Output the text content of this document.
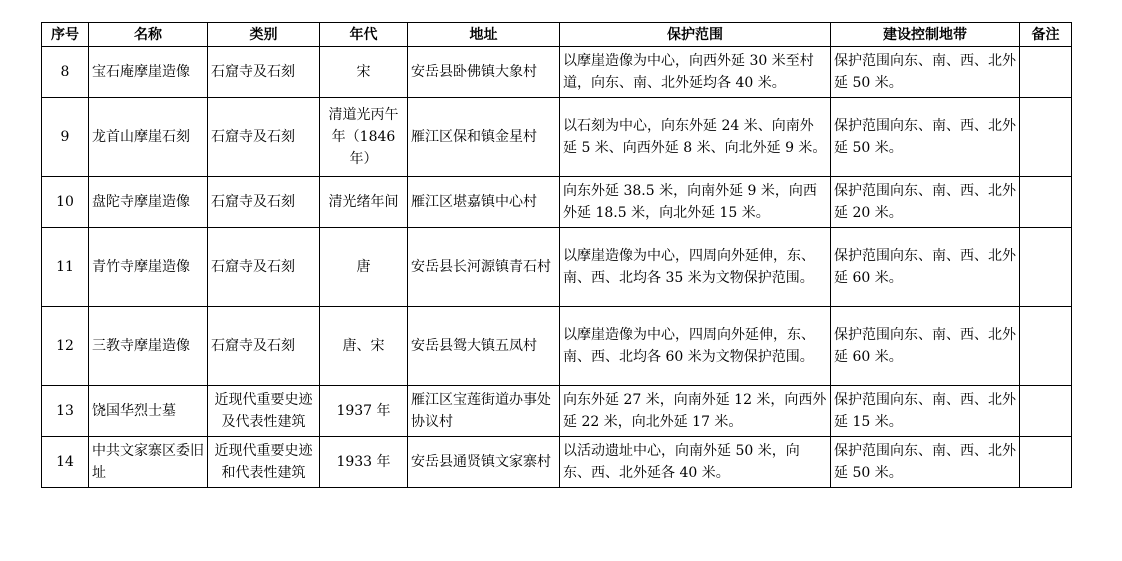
序号	名称	类别	年代	地址	保护范围	建设控制地带	备注
8	宝石庵摩崖造像	石窟寺及石刻	宋	安岳县卧佛镇大象村	以摩崖造像为中心，向西外延 30 米至村道，向东、南、北外延均各 40 米。	保护范围向东、南、西、北外延 50 米。	
9	龙首山摩崖石刻	石窟寺及石刻	清道光丙午年（1846 年）	雁江区保和镇金星村	以石刻为中心，向东外延 24 米、向南外延 5 米、向西外延 8 米、向北外延 9 米。	保护范围向东、南、西、北外延 50 米。	
10	盘陀寺摩崖造像	石窟寺及石刻	清光绪年间	雁江区堪嘉镇中心村	向东外延 38.5 米，向南外延 9 米，向西外延 18.5 米，向北外延 15 米。	保护范围向东、南、西、北外延 20 米。	
11	青竹寺摩崖造像	石窟寺及石刻	唐	安岳县长河源镇青石村	以摩崖造像为中心，四周向外延伸，东、南、西、北均各 35 米为文物保护范围。	保护范围向东、南、西、北外延 60 米。	
12	三教寺摩崖造像	石窟寺及石刻	唐、宋	安岳县鸳大镇五凤村	以摩崖造像为中心，四周向外延伸，东、南、西、北均各 60 米为文物保护范围。	保护范围向东、南、西、北外延 60 米。	
13	饶国华烈士墓	近现代重要史迹及代表性建筑	1937 年	雁江区宝莲街道办事处协议村	向东外延 27 米，向南外延 12 米，向西外延 22 米，向北外延 17 米。	保护范围向东、南、西、北外延 15 米。	
14	中共文家寨区委旧址	近现代重要史迹和代表性建筑	1933 年	安岳县通贤镇文家寨村	以活动遗址中心，向南外延 50 米，向东、西、北外延各 40 米。	保护范围向东、南、西、北外延 50 米。	
